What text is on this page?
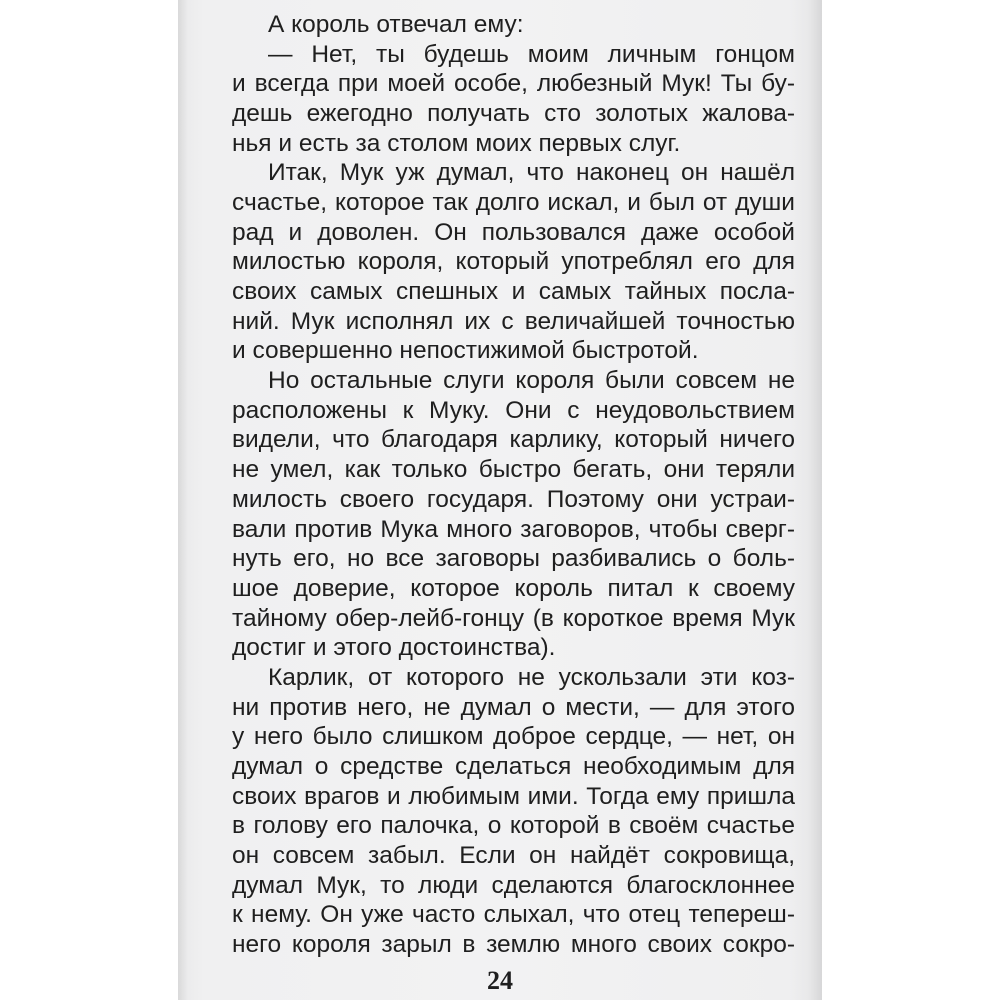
А король отвечал ему:
— Нет, ты будешь моим личным гонцом
и всегда при моей особе, любезный Мук! Ты бу-
дешь ежегодно получать сто золотых жалова-
нья и есть за столом моих первых слуг.
Итак, Мук уж думал, что наконец он нашёл
счастье, которое так долго искал, и был от души
рад и доволен. Он пользовался даже особой
милостью короля, который употреблял его для
своих самых спешных и самых тайных посла-
ний. Мук исполнял их с величайшей точностью
и совершенно непостижимой быстротой.
Но остальные слуги короля были совсем не
расположены к Муку. Они с неудовольствием
видели, что благодаря карлику, который ничего
не умел, как только быстро бегать, они теряли
милость своего государя. Поэтому они устраи-
вали против Мука много заговоров, чтобы сверг-
нуть его, но все заговоры разбивались о боль-
шое доверие, которое король питал к своему
тайному обер-лейб-гонцу (в короткое время Мук
достиг и этого достоинства).
Карлик, от которого не ускользали эти коз-
ни против него, не думал о мести, — для этого
у него было слишком доброе сердце, — нет, он
думал о средстве сделаться необходимым для
своих врагов и любимым ими. Тогда ему пришла
в голову его палочка, о которой в своём счастье
он совсем забыл. Если он найдёт сокровища,
думал Мук, то люди сделаются благосклоннее
к нему. Он уже часто слыхал, что отец тепереш-
него короля зарыл в землю много своих сокро-
24
